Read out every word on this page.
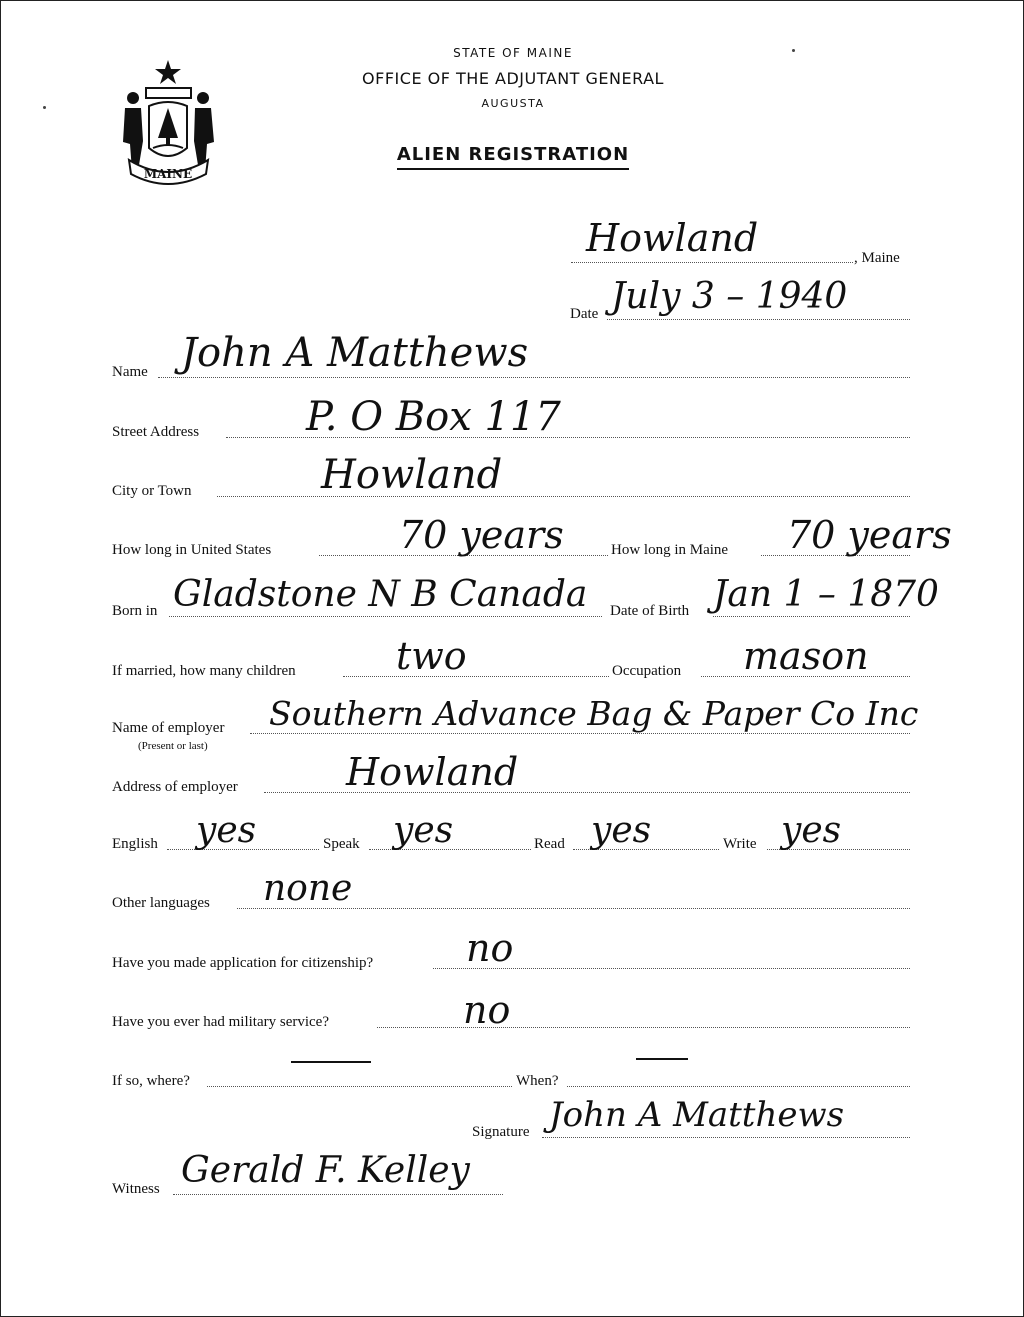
MAINE
STATE OF MAINE
OFFICE OF THE ADJUTANT GENERAL
AUGUSTA
ALIEN REGISTRATION
Howland	, Maine
Date July 3 – 1940
Name John A Matthews
Street Address	P. O Box 117
City or Town	Howland
How long in United States	70 years	How long in Maine 70 years
Born in Gladstone N B Canada Date of Birth Jan 1 – 1870
If married, how many children	two	Occupation mason
Name of employer
(Present or last)
Southern Advance Bag & Paper Co Inc
Address of employer	Howland
English yes	Speak yes	Read yes	Write yes
Other languages none
Have you made application for citizenship? no
Have you ever had military service?	no
If so, where?	When?
Signature John A Matthews
Witness Gerald F. Kelley
